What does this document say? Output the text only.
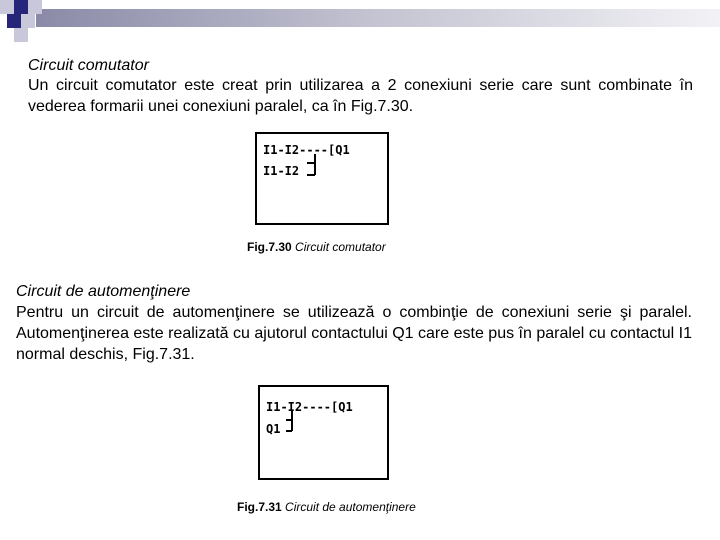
Circuit comutator
Un circuit comutator este creat prin utilizarea a 2 conexiuni serie care sunt combinate în vederea formarii unei conexiuni paralel, ca în Fig.7.30.
I1-I2----[Q1
I1-I2
Fig.7.30 Circuit comutator
Circuit de automenţinere
Pentru un circuit de automenţinere se utilizează o combinţie de conexiuni serie şi paralel. Automenţinerea este realizată cu ajutorul contactului Q1 care este pus în paralel cu contactul I1 normal deschis, Fig.7.31.
I1-I2----[Q1
Q1
Fig.7.31 Circuit de automenţinere
